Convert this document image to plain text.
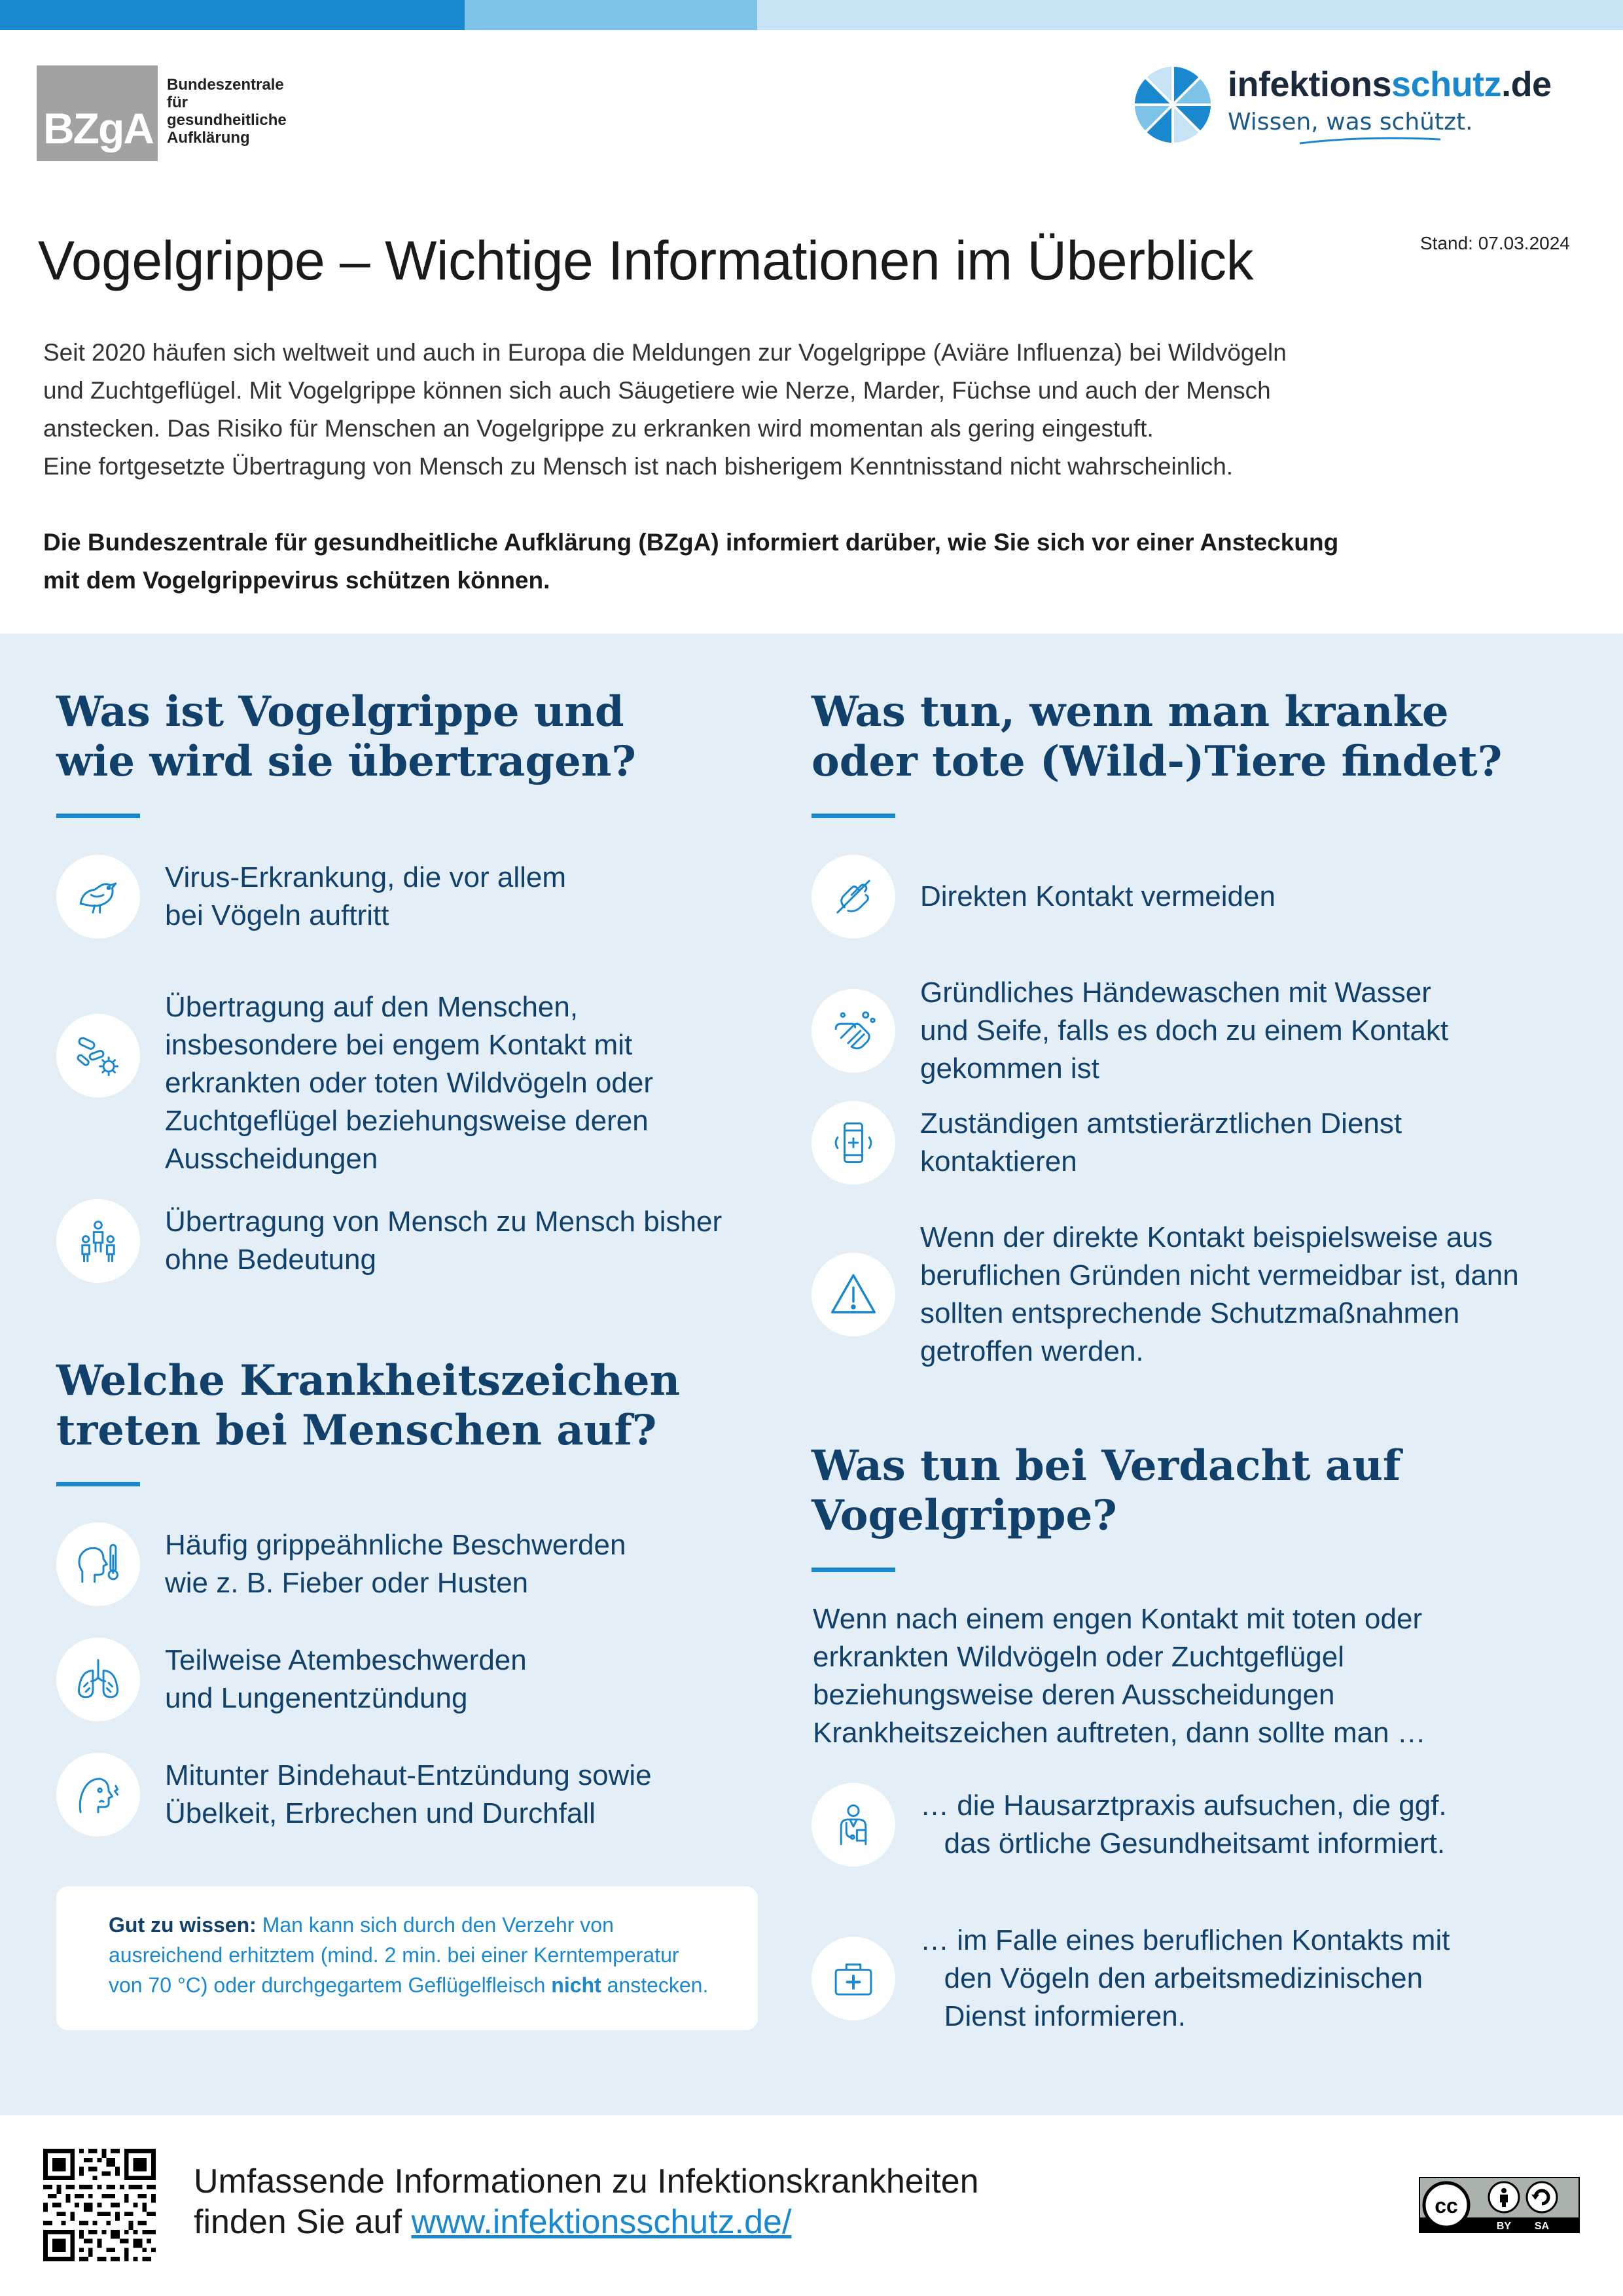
BZgA
Bundeszentrale
für
gesundheitliche
Aufklärung
infektionsschutz.de
Wissen, was schützt.
Stand: 07.03.2024
Vogelgrippe – Wichtige Informationen im Überblick

Seit 2020 häufen sich weltweit und auch in Europa die Meldungen zur Vogelgrippe (Aviäre Influenza) bei Wildvögeln

und Zuchtgeflügel. Mit Vogelgrippe können sich auch Säugetiere wie Nerze, Marder, Füchse und auch der Mensch

anstecken. Das Risiko für Menschen an Vogelgrippe zu erkranken wird momentan als gering eingestuft.

Eine fortgesetzte Übertragung von Mensch zu Mensch ist nach bisherigem Kenntnisstand nicht wahrscheinlich.

Die Bundeszentrale für gesundheitliche Aufklärung (BZgA) informiert darüber, wie Sie sich vor einer Ansteckung
mit dem Vogelgrippevirus schützen können.
Was ist Vogelgrippe und
wie wird sie übertragen?
Virus-Erkrankung, die vor allem
bei Vögeln auftritt
Übertragung auf den Menschen,
insbesondere bei engem Kontakt mit
erkrankten oder toten Wildvögeln oder
Zuchtgeflügel beziehungsweise deren
Ausscheidungen
Übertragung von Mensch zu Mensch bisher
ohne Bedeutung
Welche Krankheitszeichen
treten bei Menschen auf?
Häufig grippeähnliche Beschwerden
wie z. B. Fieber oder Husten
Teilweise Atembeschwerden
und Lungenentzündung
Mitunter Bindehaut-Entzündung sowie
Übelkeit, Erbrechen und Durchfall
Gut zu wissen: Man kann sich durch den Verzehr von
ausreichend erhitztem (mind. 2 min. bei einer Kerntemperatur
von 70 °C) oder durchgegartem Geflügelfleisch nicht anstecken.
Was tun, wenn man kranke
oder tote (Wild-)Tiere findet?
Direkten Kontakt vermeiden
Gründliches Händewaschen mit Wasser
und Seife, falls es doch zu einem Kontakt
gekommen ist
Zuständigen amtstierärztlichen Dienst
kontaktieren
Wenn der direkte Kontakt beispielsweise aus
beruflichen Gründen nicht vermeidbar ist, dann
sollten entsprechende Schutzmaßnahmen
getroffen werden.
Was tun bei Verdacht auf
Vogelgrippe?
Wenn nach einem engen Kontakt mit toten oder
erkrankten Wildvögeln oder Zuchtgeflügel
beziehungsweise deren Ausscheidungen
Krankheitszeichen auftreten, dann sollte man …
… die Hausarztpraxis aufsuchen, die ggf.
das örtliche Gesundheitsamt informiert.
… im Falle eines beruflichen Kontakts mit
den Vögeln den arbeitsmedizinischen
Dienst informieren.
Umfassende Informationen zu Infektionskrankheiten
finden Sie auf www.infektionsschutz.de/	cc
BY SA
